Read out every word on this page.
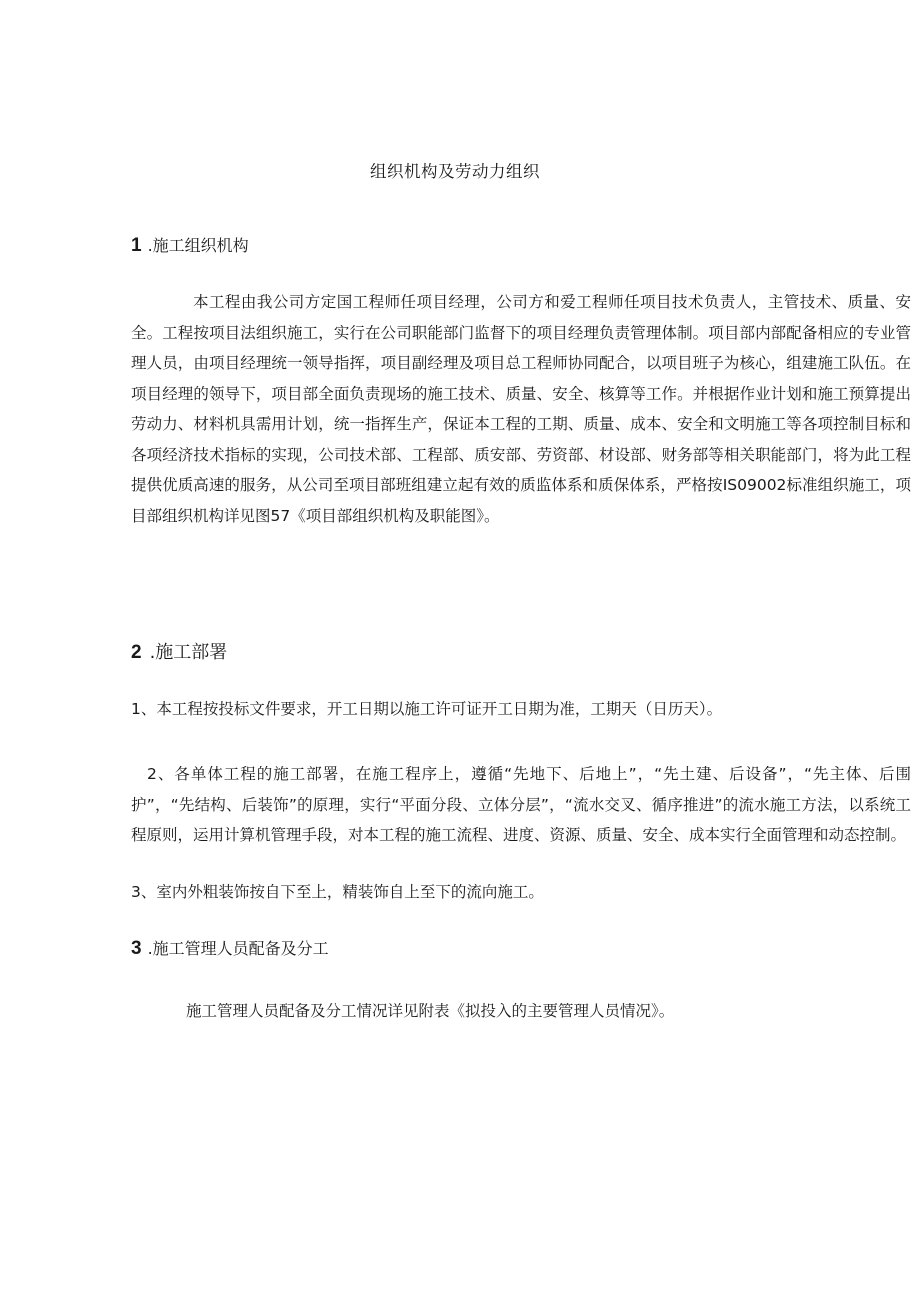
组织机构及劳动力组织
1 .施工组织机构

本工程由我公司方定国工程师任项目经理，公司方和爱工程师任项目技术负责人，主管技术、质量、安全。工程按项目法组织施工，实行在公司职能部门监督下的项目经理负责管理体制。项目部内部配备相应的专业管理人员，由项目经理统一领导指挥，项目副经理及项目总工程师协同配合，以项目班子为核心，组建施工队伍。在项目经理的领导下，项目部全面负责现场的施工技术、质量、安全、核算等工作。并根据作业计划和施工预算提出劳动力、材料机具需用计划，统一指挥生产，保证本工程的工期、质量、成本、安全和文明施工等各项控制目标和各项经济技术指标的实现，公司技术部、工程部、质安部、劳资部、材设部、财务部等相关职能部门，将为此工程提供优质高速的服务，从公司至项目部班组建立起有效的质监体系和质保体系，严格按IS09002标准组织施工，项目部组织机构详见图57《项目部组织机构及职能图》。

2 .施工部署

1、本工程按投标文件要求，开工日期以施工许可证开工日期为准，工期天（日历天）。

2、各单体工程的施工部署，在施工程序上，遵循“先地下、后地上”，“先土建、后设备”，“先主体、后围护”，“先结构、后装饰”的原理，实行“平面分段、立体分层”，“流水交叉、循序推进”的流水施工方法，以系统工程原则，运用计算机管理手段，对本工程的施工流程、进度、资源、质量、安全、成本实行全面管理和动态控制。

3、室内外粗装饰按自下至上，精装饰自上至下的流向施工。

3 .施工管理人员配备及分工

施工管理人员配备及分工情况详见附表《拟投入的主要管理人员情况》。
